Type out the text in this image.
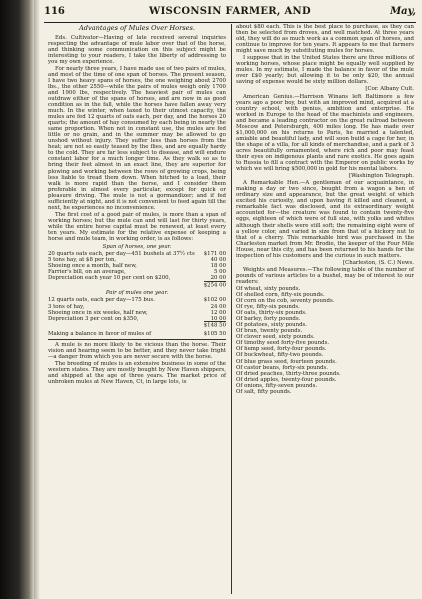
116	WISCONSIN FARMER, AND	May,
Advantages of Mules Over Horses.

Eds. Cultivator—Having of late received several inquiries respecting the advantage of mule labor over that of the horse, and thinking some communication on this subject might be interesting to your readers, I take the liberty of addressing to you my own experience.

For nearly three years, I have made use of two pairs of mules, and most of the time of one span of horses. The present season, I have two heavy spans of horses, the one weighing about 2700 lbs., the other 2550—while the pairs of mules weigh only 1700 and 1900 lbs, respectively. The heaviest pair of mules can outdraw either of the spans of horses, and are now in as good condition as in the fall, while the horses have fallen away very much. In the winter, when taxed to their utmost capacity, the mules are fed 12 quarts of oats each, per day, and the horses 20 quarts; the amount of hay consumed by each being in nearly the same proportion. When not in constant use, the mules are fed little or no grain, and in the summer may be allowed to go unshod without injury. They suffer less than horses from the heat; are not so easily teased by the flies, and are equally hardy to the cold. They are far less subject to disease, and will endure constant labor for a much longer time. As they walk so as to bring their feet almost in an exact line, they are superior for plowing and working between the rows of growing crops, being less liable to tread them down. When hitched to a load, their walk is more rapid than the horse, and I consider them preferable in almost every particular, except for quick or pleasure driving. The mule is not a gormandizer; and if fed sufficiently at night, and it is not convenient to feed again till the next, he experiences no inconvenience.

The first cost of a good pair of mules, is more than a span of working horses; but the mule can and will last for thirty years, while the entire horse capital must be renewed, at least every ten years. My estimate for the relative expense of keeping a horse and mule team, in working order, is as follows:

Span of horses, one year.

20 quarts oats each, per day—451 bushels at 37½ cts	$171 00
5 tons hay, at $8 per ton,	40 00
Shoeing once a month, half new,	18 00
Farrier's bill, on an average,	5 00
Depreciation each year 10 per cent on $200,	20 00
$254 00

Pair of mules one year.

12 quarts oats, each per day—175 bus.	$102 00
3 tons of hay,	24 00
Shoeing once in six weeks, half new,	12 00
Depreciation 3 per cent on $350,	10 00
$148 50
Making a balance in favor of mules of	$105 50

A mule is no more likely to be vicious than the horse. Their vision and hearing seem to be better, and they never take fright—a danger from which you are never secure with the horse.

The breeding of mules is an extensive business in some of the western states. They are mostly bought by New Haven shippers, and shipped at the age of three years. The market price of unbroken mules at New Haven, Ct, in large lots, is

about $80 each. This is the best place to purchase, as they can then be selected from droves, and well matched. At three years old, they will do as much work as a common span of horses, and continue to improve for ten years. It appears to me that farmers might save much by substituting mules for horses.

I suppose that in the United States there are three millions of working horses, whose place might be equally well supplied by mules. In my estimate, I made the balance in favor of the mule over £$0 yearly; but allowing it to be only $20, the annual saving of expense would be sixty million dollars.

[Cor. Albany Cult.

American Genius.—Harrison Winans left Baltimore a few years ago a poor boy, but with an improved mind, acquired at a country school, with genius, ambition and enterprise. He worked in Europe to the head of the machinists and engineers, and became a leading contractor on the great railroad between Moscow and Petersburgh, 400 miles long. He has made over $1,000,000 on his returns to Paris, he married a talented, amiable and beautiful lady, and will soon build a cage for her, in the shape of a villa, for all kinds of merchandise, and a park of 3 acres beautifully ornamented, where rich and poor may feast their eyes on indigenous plants and rare exotics. He goes again to Russia to fill a contract with the Emperor on public works by which we will bring $500,000 in gold for his mental labors.

[Washington Telegraph.

A Remarkable Hen.—A gentleman of our acquaintance, in making a day or two since, bought from a wagon a hen of ordinary size and appearance, but the great weight of which excited his curiosity, and upon having it killed and cleaned, a remarkable fact was disclosed, and its extraordinary weight accounted for—the creature was found to contain twenty-five eggs, eighteen of which were of full size, with yolks and whites although their shells were still soft; the remaining eight were of a yellow color, and varied in size from that of a hickory nut to that of a cherry. This remarkable bird was purchased in the Charleston market from Mr. Brodie, the keeper of the Four Mile House, near this city, and has been returned to his hands for the inspection of his customers and the curious in such matters.

[Charleston, (S. C.) News.

Weights and Measures.—The following table of the number of pounds of various articles to a bushel, may be of interest to our readers:

Of wheat, sixty pounds.

Of shelled corn, fifty-six pounds.

Of corn on the cob, seventy pounds.

Of rye, fifty-six pounds.

Of oats, thirty-six pounds.

Of barley, forty pounds.

Of potatoes, sixty pounds.

Of bran, twenty pounds.

Of clover seed, sixty pounds.

Of timothy seed forty-five pounds.

Of hemp seed, forty-four pounds.

Of buckwheat, fifty-two pounds.

Of blue grass seed, fourteen pounds.

Of castor beans, forty-six pounds.

Of dried peaches, thirty-three pounds.

Of dried apples, twenty-four pounds.

Of onions, fifty-seven pounds.

Of salt, fifty pounds.
